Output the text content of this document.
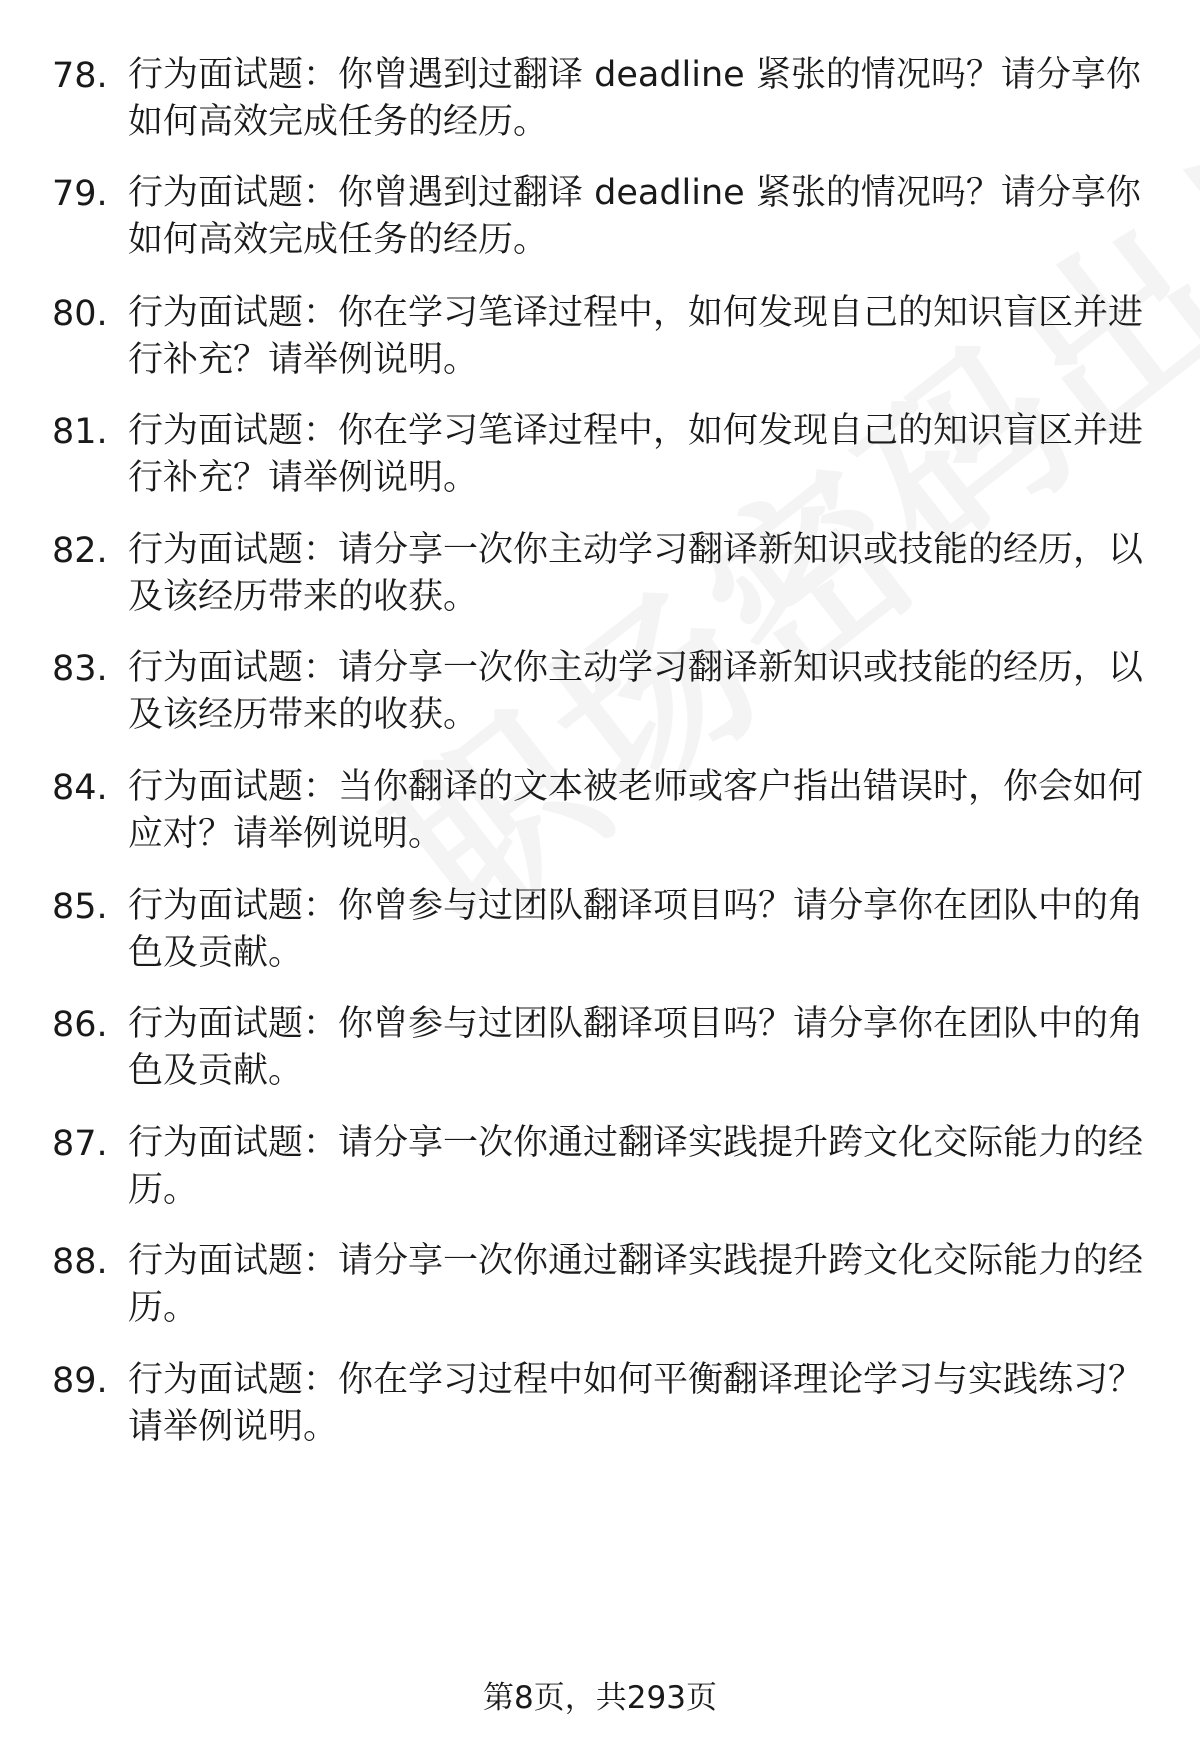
78. 行为面试题：你曾遇到过翻译 deadline 紧张的情况吗？请分享你如何高效完成任务的经历。
79. 行为面试题：你曾遇到过翻译 deadline 紧张的情况吗？请分享你如何高效完成任务的经历。
80. 行为面试题：你在学习笔译过程中，如何发现自己的知识盲区并进行补充？请举例说明。
81. 行为面试题：你在学习笔译过程中，如何发现自己的知识盲区并进行补充？请举例说明。
82. 行为面试题：请分享一次你主动学习翻译新知识或技能的经历，以及该经历带来的收获。
83. 行为面试题：请分享一次你主动学习翻译新知识或技能的经历，以及该经历带来的收获。
84. 行为面试题：当你翻译的文本被老师或客户指出错误时，你会如何应对？请举例说明。
85. 行为面试题：你曾参与过团队翻译项目吗？请分享你在团队中的角色及贡献。
86. 行为面试题：你曾参与过团队翻译项目吗？请分享你在团队中的角色及贡献。
87. 行为面试题：请分享一次你通过翻译实践提升跨文化交际能力的经历。
88. 行为面试题：请分享一次你通过翻译实践提升跨文化交际能力的经历。
89. 行为面试题：你在学习过程中如何平衡翻译理论学习与实践练习？请举例说明。
第8页，共293页
